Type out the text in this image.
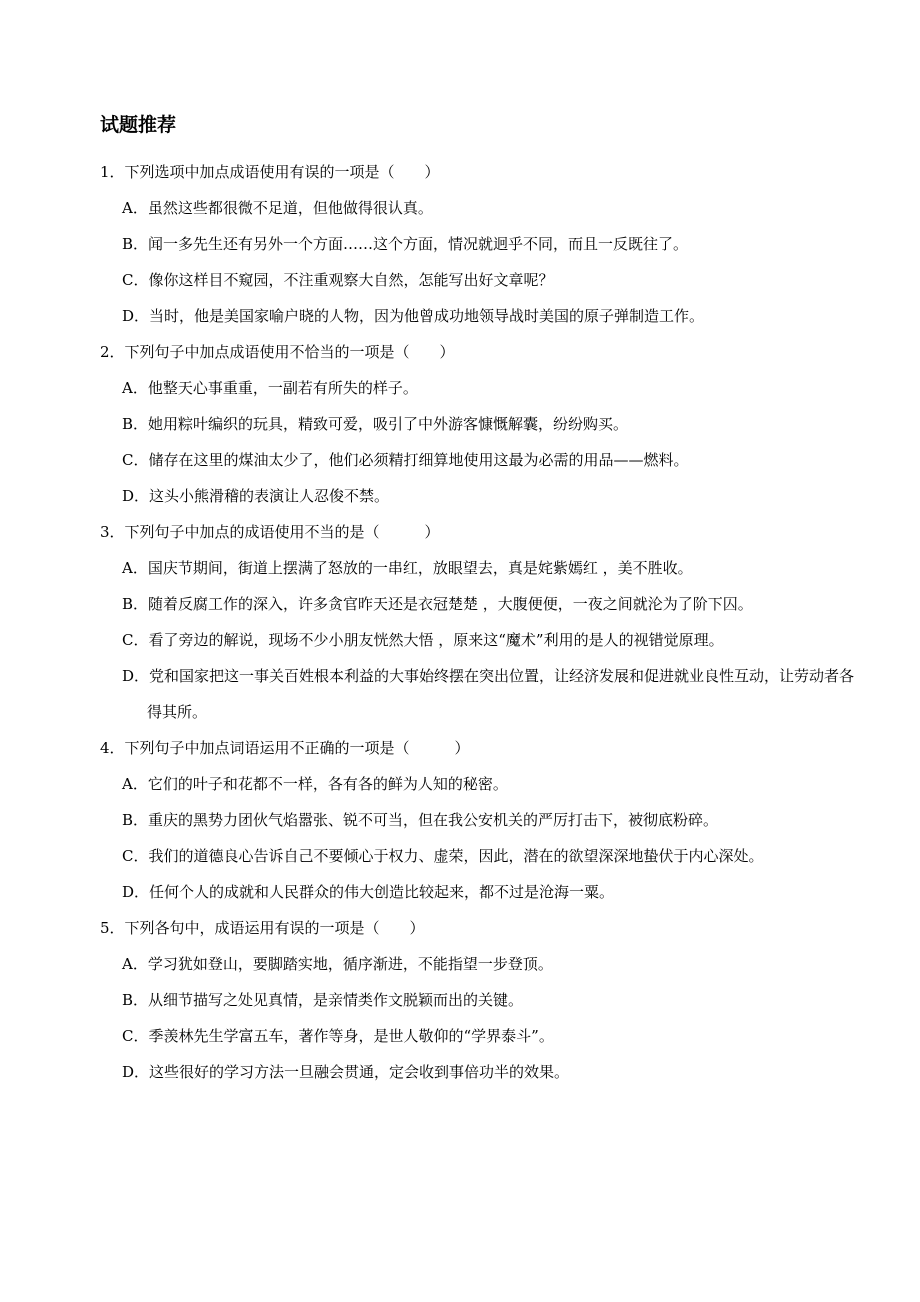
试题推荐
1．下列选项中加点成语使用有误的一项是（　　）
A．虽然这些都很微不足道，但他做得很认真。
B．闻一多先生还有另外一个方面……这个方面，情况就迥乎不同，而且一反既往了。
C．像你这样目不窥园，不注重观察大自然，怎能写出好文章呢？
D．当时，他是美国家喻户晓的人物，因为他曾成功地领导战时美国的原子弹制造工作。
2．下列句子中加点成语使用不恰当的一项是（　　）
A．他整天心事重重，一副若有所失的样子。
B．她用粽叶编织的玩具，精致可爱，吸引了中外游客慷慨解囊，纷纷购买。
C．储存在这里的煤油太少了，他们必须精打细算地使用这最为必需的用品——燃料。
D．这头小熊滑稽的表演让人忍俊不禁。
3．下列句子中加点的成语使用不当的是（　　　）
A．国庆节期间，街道上摆满了怒放的一串红，放眼望去，真是姹紫嫣红 ，美不胜收。
B．随着反腐工作的深入，许多贪官昨天还是衣冠楚楚 ，大腹便便，一夜之间就沦为了阶下囚。
C．看了旁边的解说，现场不少小朋友恍然大悟 ，原来这“魔术”利用的是人的视错觉原理。
D．党和国家把这一事关百姓根本利益的大事始终摆在突出位置，让经济发展和促进就业良性互动，让劳动者各得其所。
4．下列句子中加点词语运用不正确的一项是（　　　）
A．它们的叶子和花都不一样，各有各的鲜为人知的秘密。
B．重庆的黑势力团伙气焰嚣张、锐不可当，但在我公安机关的严厉打击下，被彻底粉碎。
C．我们的道德良心告诉自己不要倾心于权力、虚荣，因此，潜在的欲望深深地蛰伏于内心深处。
D．任何个人的成就和人民群众的伟大创造比较起来，都不过是沧海一粟。
5．下列各句中，成语运用有误的一项是（　　）
A．学习犹如登山，要脚踏实地，循序渐进，不能指望一步登顶。
B．从细节描写之处见真情，是亲情类作文脱颖而出的关键。
C．季羡林先生学富五车，著作等身，是世人敬仰的“学界泰斗”。
D．这些很好的学习方法一旦融会贯通，定会收到事倍功半的效果。
